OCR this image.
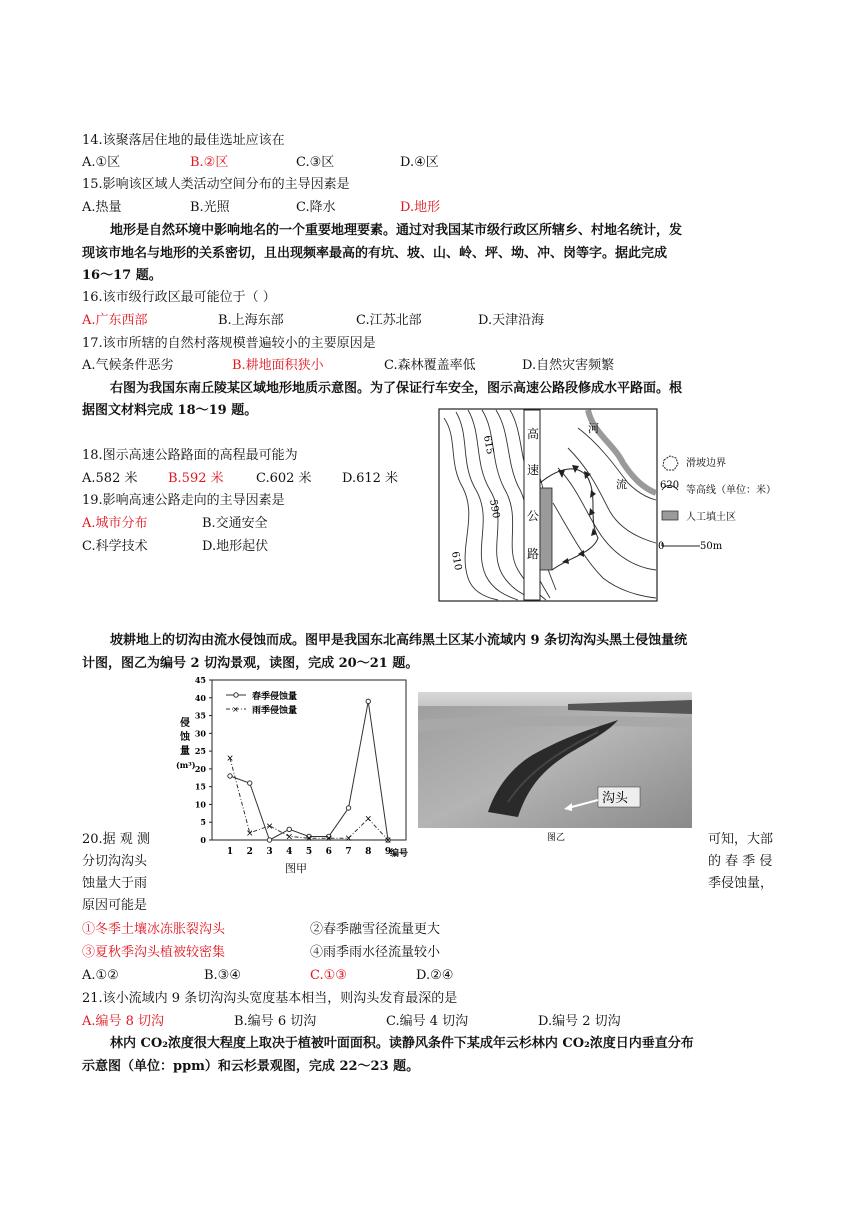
14.该聚落居住地的最佳选址应该在
A.①区	B.②区	C.③区	D.④区
15.影响该区域人类活动空间分布的主导因素是
A.热量	B.光照	C.降水	D.地形
地形是自然环境中影响地名的一个重要地理要素。通过对我国某市级行政区所辖乡、村地名统计，发
现该市地名与地形的关系密切，且出现频率最高的有坑、坡、山、岭、坪、坳、冲、岗等字。据此完成
16～17 题。
16.该市级行政区最可能位于（ ）
A.广东西部	B.上海东部	C.江苏北部	D.天津沿海
17.该市所辖的自然村落规模普遍较小的主要原因是
A.气候条件恶劣	B.耕地面积狭小	C.森林覆盖率低	D.自然灾害频繁
右图为我国东南丘陵某区域地形地质示意图。为了保证行车安全，图示高速公路段修成水平路面。根
据图文材料完成 18～19 题。
18.图示高速公路路面的高程最可能为
A.582 米 B.592 米 C.602 米 D.612 米
19.影响高速公路走向的主导因素是
A.城市分布	B.交通安全
C.科学技术	D.地形起伏
615
590
610
高
速
公
路
河
流
滑坡边界
620 等高线（单位：米）
人工填土区
0	50m
坡耕地上的切沟由流水侵蚀而成。图甲是我国东北高纬黑土区某小流域内 9 条切沟沟头黑土侵蚀量统
计图，图乙为编号 2 切沟景观，读图，完成 20～21 题。
0
5
10
15
20
25
30
35
40
45
1 2 3 4 5 6 7 8 9
×
×
×
× × × ×
×
×
春季侵蚀量
× 雨季侵蚀量
侵
蚀
量
(m³)
编号
图甲
沟头
图乙
20.据 观 测
分切沟沟头
蚀量大于雨
原因可能是
可知，大部
的 春 季 侵
季侵蚀量，
①冬季土壤冰冻胀裂沟头	②春季融雪径流量更大
③夏秋季沟头植被较密集	④雨季雨水径流量较小
A.①②	B.③④	C.①③	D.②④
21.该小流域内 9 条切沟沟头宽度基本相当，则沟头发育最深的是
A.编号 8 切沟	B.编号 6 切沟	C.编号 4 切沟	D.编号 2 切沟
林内 CO₂浓度很大程度上取决于植被叶面面积。读静风条件下某成年云杉林内 CO₂浓度日内垂直分布
示意图（单位：ppm）和云杉景观图，完成 22～23 题。
